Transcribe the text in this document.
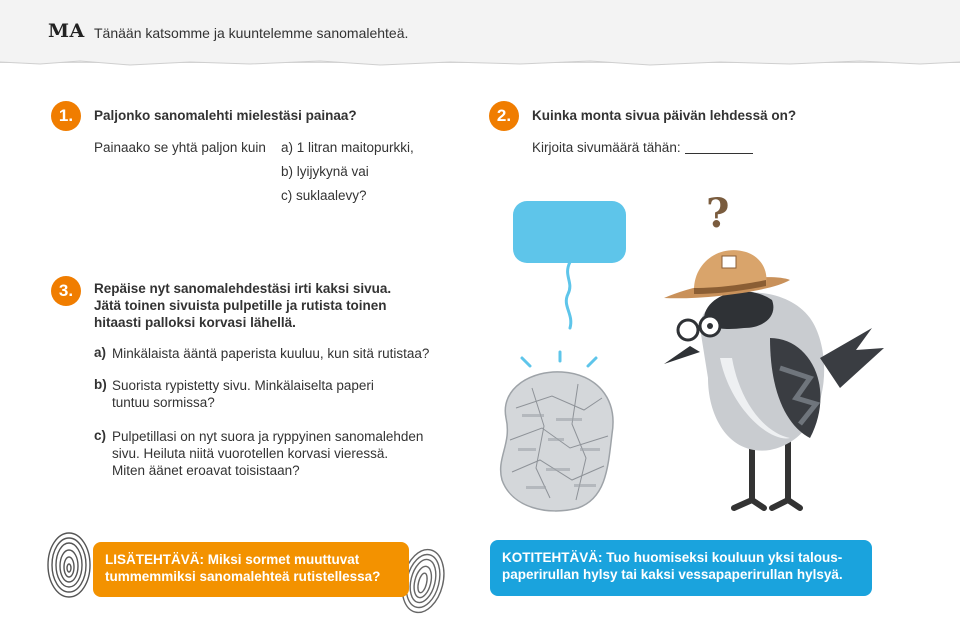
MA Tänään katsomme ja kuuntelemme sanomalehteä.
1.	Paljonko sanomalehti mielestäsi painaa?
Painaako se yhtä paljon kuin a) 1 litran maitopurkki,
b) lyijykynä vai
c) suklaalevy?
2.	Kuinka monta sivua päivän lehdessä on?
Kirjoita sivumäärä tähän:
3.	Repäise nyt sanomalehdestäsi irti kaksi sivua.
Jätä toinen sivuista pulpetille ja rutista toinen
hitaasti palloksi korvasi lähellä.
a) Minkälaista ääntä paperista kuuluu, kun sitä rutistaa?
b) Suorista rypistetty sivu. Minkälaiselta paperi
tuntuu sormissa?
c) Pulpetillasi on nyt suora ja ryppyinen sanomalehden
sivu. Heiluta niitä vuorotellen korvasi vieressä.
Miten äänet eroavat toisistaan?
?
LISÄTEHTÄVÄ: Miksi sormet muuttuvat
tummemmiksi sanomalehteä rutistellessa?
KOTITEHTÄVÄ: Tuo huomiseksi kouluun yksi talous-
paperirullan hylsy tai kaksi vessapaperirullan hylsyä.
